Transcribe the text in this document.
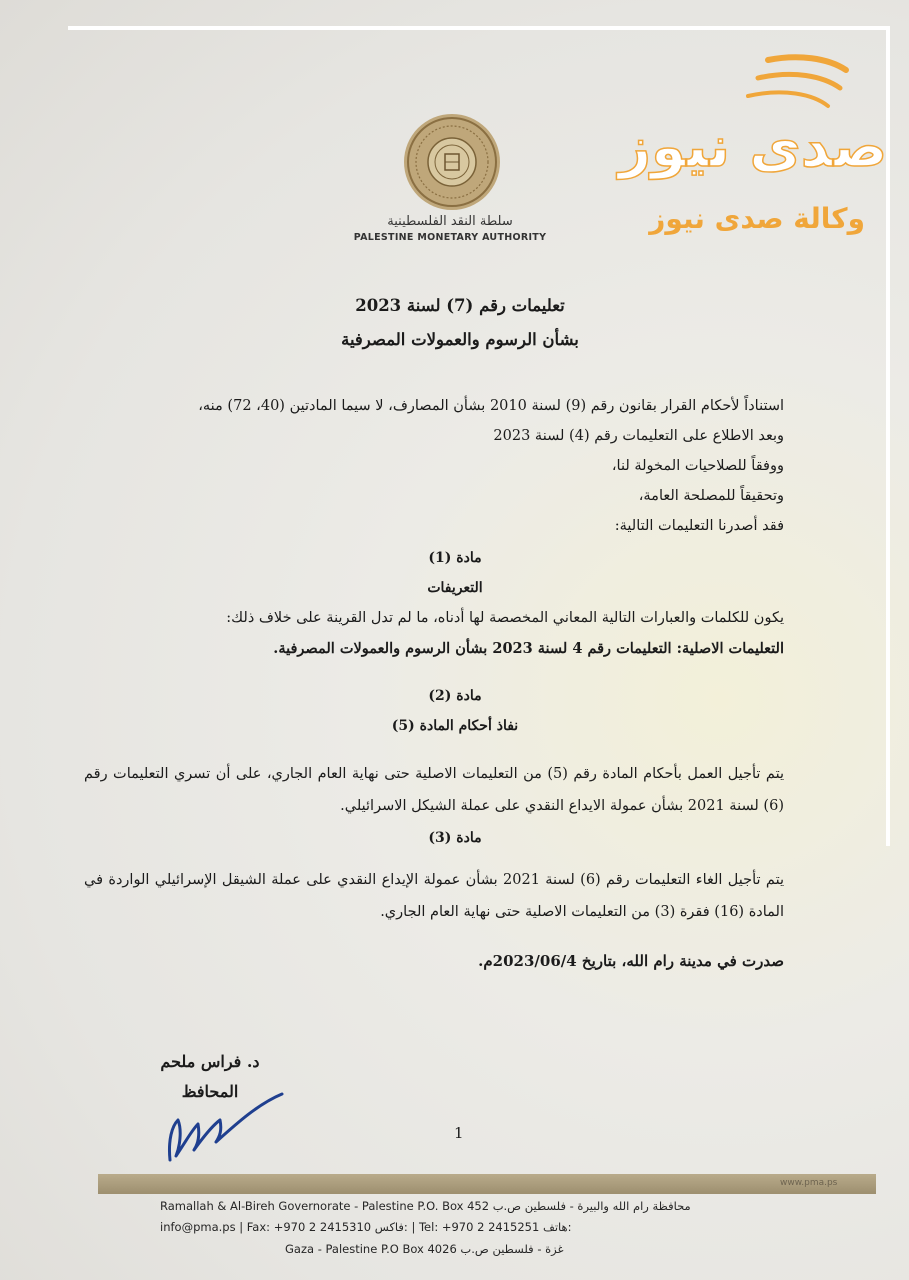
سلطة النقد الفلسطينية
PALESTINE MONETARY AUTHORITY
صدى نيوز
وكالة صدى نيوز
تعليمات رقم (7) لسنة 2023
بشأن الرسوم والعمولات المصرفية
استناداً لأحكام القرار بقانون رقم (9) لسنة 2010 بشأن المصارف، لا سيما المادتين (40، 72) منه،
وبعد الاطلاع على التعليمات رقم (4) لسنة 2023
ووفقاً للصلاحيات المخولة لنا،
وتحقيقاً للمصلحة العامة،
فقد أصدرنا التعليمات التالية:
مادة (1)
التعريفات
يكون للكلمات والعبارات التالية المعاني المخصصة لها أدناه، ما لم تدل القرينة على خلاف ذلك:
التعليمات الاصلية: التعليمات رقم 4 لسنة 2023 بشأن الرسوم والعمولات المصرفية.
مادة (2)
نفاذ أحكام المادة (5)
يتم تأجيل العمل بأحكام المادة رقم (5) من التعليمات الاصلية حتى نهاية العام الجاري، على أن تسري التعليمات رقم (6) لسنة 2021 بشأن عمولة الايداع النقدي على عملة الشيكل الاسرائيلي.
مادة (3)
يتم تأجيل الغاء التعليمات رقم (6) لسنة 2021 بشأن عمولة الإيداع النقدي على عملة الشيقل الإسرائيلي الواردة في المادة (16) فقرة (3) من التعليمات الاصلية حتى نهاية العام الجاري.
صدرت في مدينة رام الله، بتاريخ 2023/06/4م.
د. فراس ملحم
المحافظ
1
www.pma.ps
Ramallah & Al-Bireh Governorate - Palestine P.O. Box 452 محافظة رام الله والبيرة - فلسطين ص.ب
info@pma.ps | Fax: +970 2 2415310 فاكس: | Tel: +970 2 2415251 هاتف:
Gaza - Palestine P.O Box 4026 غزة - فلسطين ص.ب
